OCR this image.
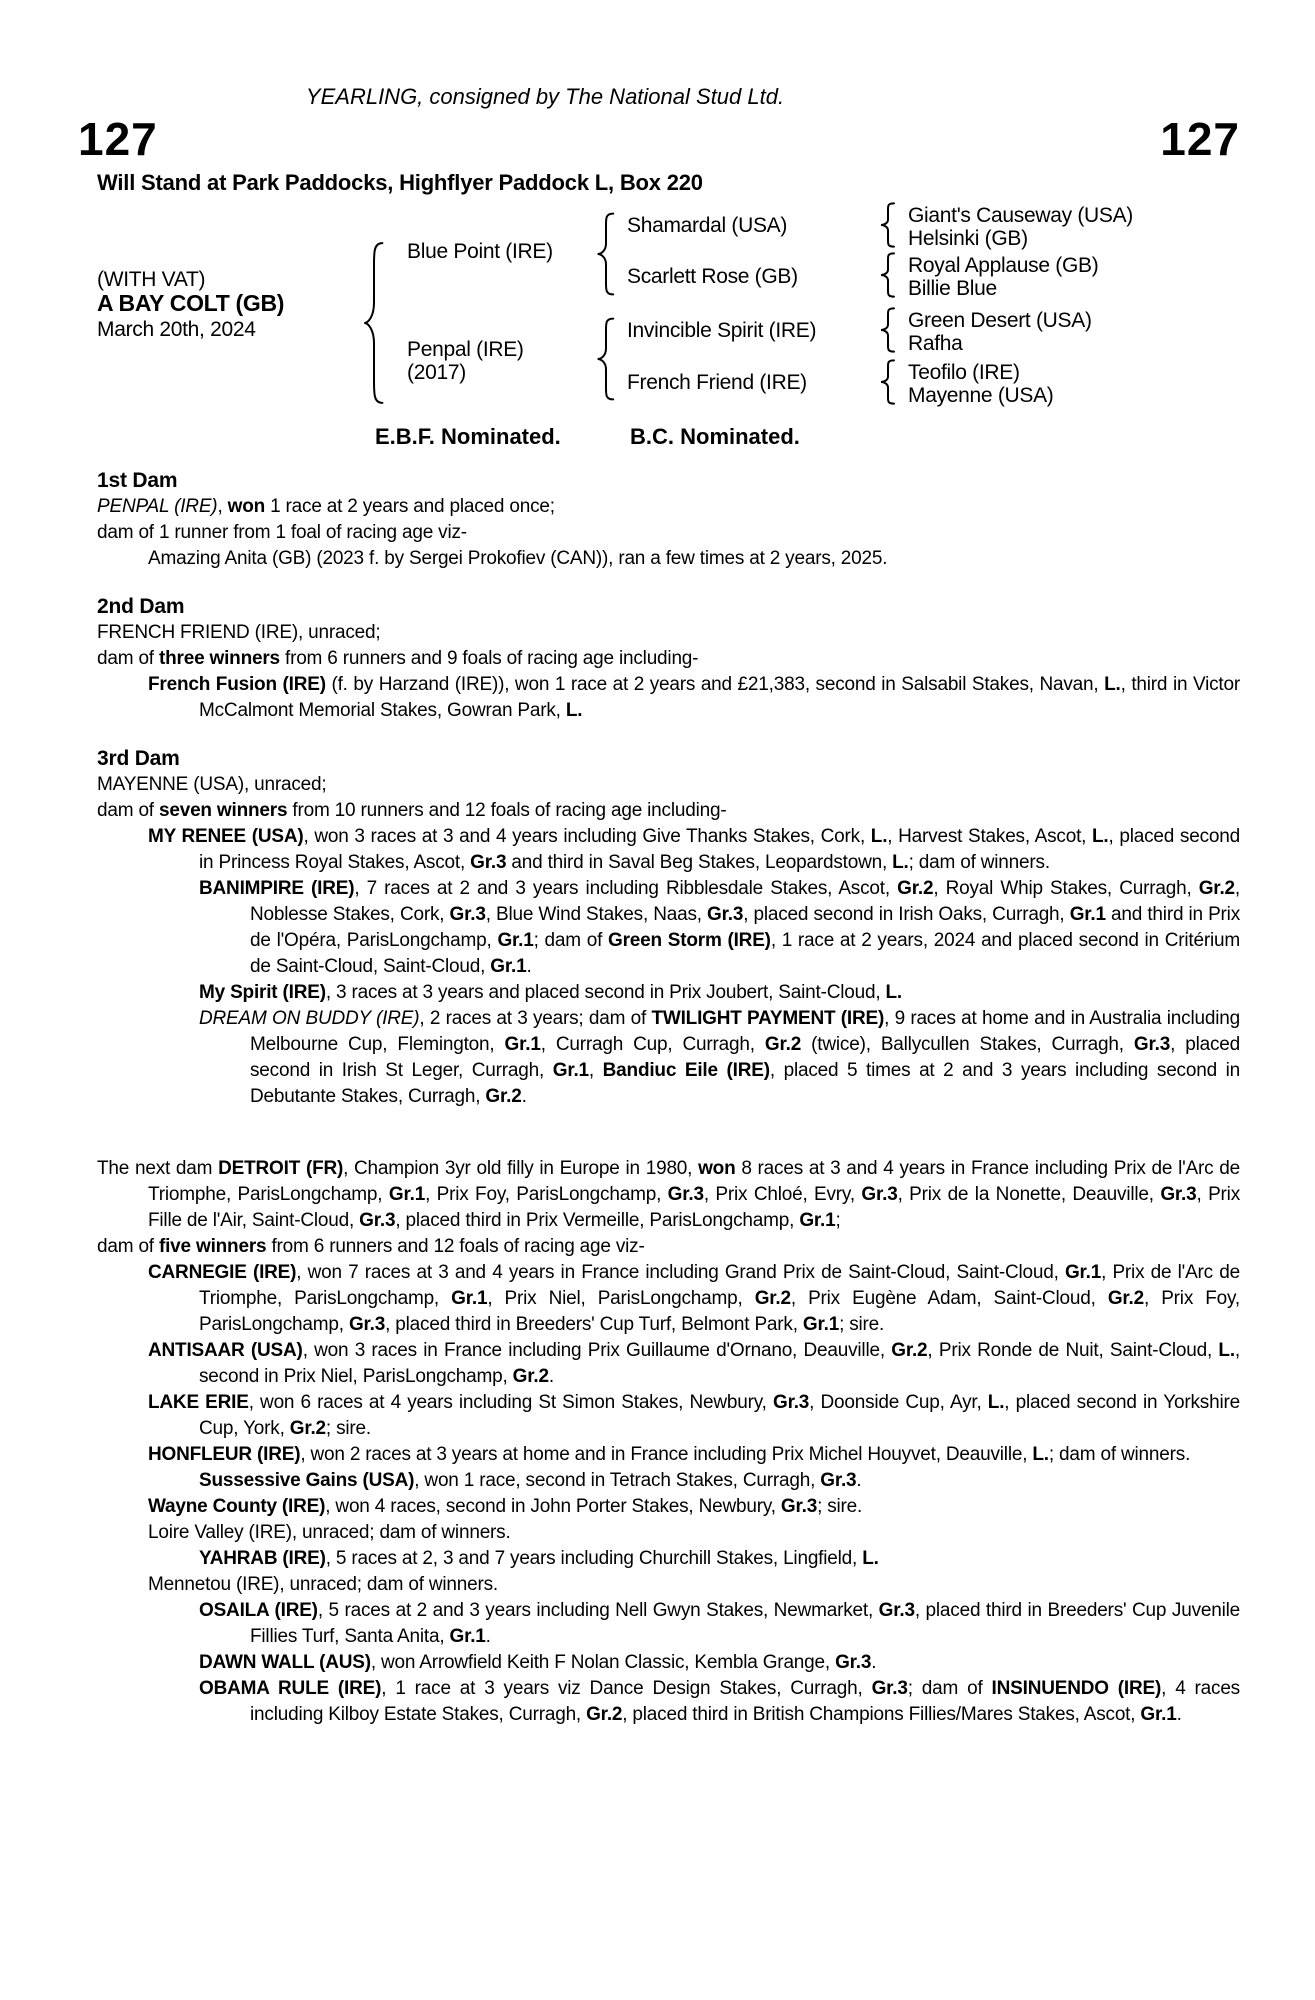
YEARLING, consigned by The National Stud Ltd.
127	127
Will Stand at Park Paddocks, Highflyer Paddock L, Box 220
(WITH VAT)
A BAY COLT (GB)
March 20th, 2024
Blue Point (IRE)
Penpal (IRE)
(2017)
Shamardal (USA)
Scarlett Rose (GB)
Invincible Spirit (IRE)
French Friend (IRE)
Giant's Causeway (USA)
Helsinki (GB)
Royal Applause (GB)
Billie Blue
Green Desert (USA)
Rafha
Teofilo (IRE)
Mayenne (USA)
E.B.F. Nominated.	B.C. Nominated.
1st Dam
PENPAL (IRE), won 1 race at 2 years and placed once;
dam of 1 runner from 1 foal of racing age viz-
Amazing Anita (GB) (2023 f. by Sergei Prokofiev (CAN)), ran a few times at 2 years, 2025.
2nd Dam
FRENCH FRIEND (IRE), unraced;
dam of three winners from 6 runners and 9 foals of racing age including-
French Fusion (IRE) (f. by Harzand (IRE)), won 1 race at 2 years and £21,383, second in Salsabil Stakes, Navan, L., third in Victor McCalmont Memorial Stakes, Gowran Park, L.
3rd Dam
MAYENNE (USA), unraced;
dam of seven winners from 10 runners and 12 foals of racing age including-
MY RENEE (USA), won 3 races at 3 and 4 years including Give Thanks Stakes, Cork, L., Harvest Stakes, Ascot, L., placed second in Princess Royal Stakes, Ascot, Gr.3 and third in Saval Beg Stakes, Leopardstown, L.; dam of winners.
BANIMPIRE (IRE), 7 races at 2 and 3 years including Ribblesdale Stakes, Ascot, Gr.2, Royal Whip Stakes, Curragh, Gr.2, Noblesse Stakes, Cork, Gr.3, Blue Wind Stakes, Naas, Gr.3, placed second in Irish Oaks, Curragh, Gr.1 and third in Prix de l'Opéra, ParisLongchamp, Gr.1; dam of Green Storm (IRE), 1 race at 2 years, 2024 and placed second in Critérium de Saint-Cloud, Saint-Cloud, Gr.1.
My Spirit (IRE), 3 races at 3 years and placed second in Prix Joubert, Saint-Cloud, L.
DREAM ON BUDDY (IRE), 2 races at 3 years; dam of TWILIGHT PAYMENT (IRE), 9 races at home and in Australia including Melbourne Cup, Flemington, Gr.1, Curragh Cup, Curragh, Gr.2 (twice), Ballycullen Stakes, Curragh, Gr.3, placed second in Irish St Leger, Curragh, Gr.1, Bandiuc Eile (IRE), placed 5 times at 2 and 3 years including second in Debutante Stakes, Curragh, Gr.2.
The next dam DETROIT (FR), Champion 3yr old filly in Europe in 1980, won 8 races at 3 and 4 years in France including Prix de l'Arc de Triomphe, ParisLongchamp, Gr.1, Prix Foy, ParisLongchamp, Gr.3, Prix Chloé, Evry, Gr.3, Prix de la Nonette, Deauville, Gr.3, Prix Fille de l'Air, Saint-Cloud, Gr.3, placed third in Prix Vermeille, ParisLongchamp, Gr.1;
dam of five winners from 6 runners and 12 foals of racing age viz-
CARNEGIE (IRE), won 7 races at 3 and 4 years in France including Grand Prix de Saint-Cloud, Saint-Cloud, Gr.1, Prix de l'Arc de Triomphe, ParisLongchamp, Gr.1, Prix Niel, ParisLongchamp, Gr.2, Prix Eugène Adam, Saint-Cloud, Gr.2, Prix Foy, ParisLongchamp, Gr.3, placed third in Breeders' Cup Turf, Belmont Park, Gr.1; sire.
ANTISAAR (USA), won 3 races in France including Prix Guillaume d'Ornano, Deauville, Gr.2, Prix Ronde de Nuit, Saint-Cloud, L., second in Prix Niel, ParisLongchamp, Gr.2.
LAKE ERIE, won 6 races at 4 years including St Simon Stakes, Newbury, Gr.3, Doonside Cup, Ayr, L., placed second in Yorkshire Cup, York, Gr.2; sire.
HONFLEUR (IRE), won 2 races at 3 years at home and in France including Prix Michel Houyvet, Deauville, L.; dam of winners.
Sussessive Gains (USA), won 1 race, second in Tetrach Stakes, Curragh, Gr.3.
Wayne County (IRE), won 4 races, second in John Porter Stakes, Newbury, Gr.3; sire.
Loire Valley (IRE), unraced; dam of winners.
YAHRAB (IRE), 5 races at 2, 3 and 7 years including Churchill Stakes, Lingfield, L.
Mennetou (IRE), unraced; dam of winners.
OSAILA (IRE), 5 races at 2 and 3 years including Nell Gwyn Stakes, Newmarket, Gr.3, placed third in Breeders' Cup Juvenile Fillies Turf, Santa Anita, Gr.1.
DAWN WALL (AUS), won Arrowfield Keith F Nolan Classic, Kembla Grange, Gr.3.
OBAMA RULE (IRE), 1 race at 3 years viz Dance Design Stakes, Curragh, Gr.3; dam of INSINUENDO (IRE), 4 races including Kilboy Estate Stakes, Curragh, Gr.2, placed third in British Champions Fillies/Mares Stakes, Ascot, Gr.1.
